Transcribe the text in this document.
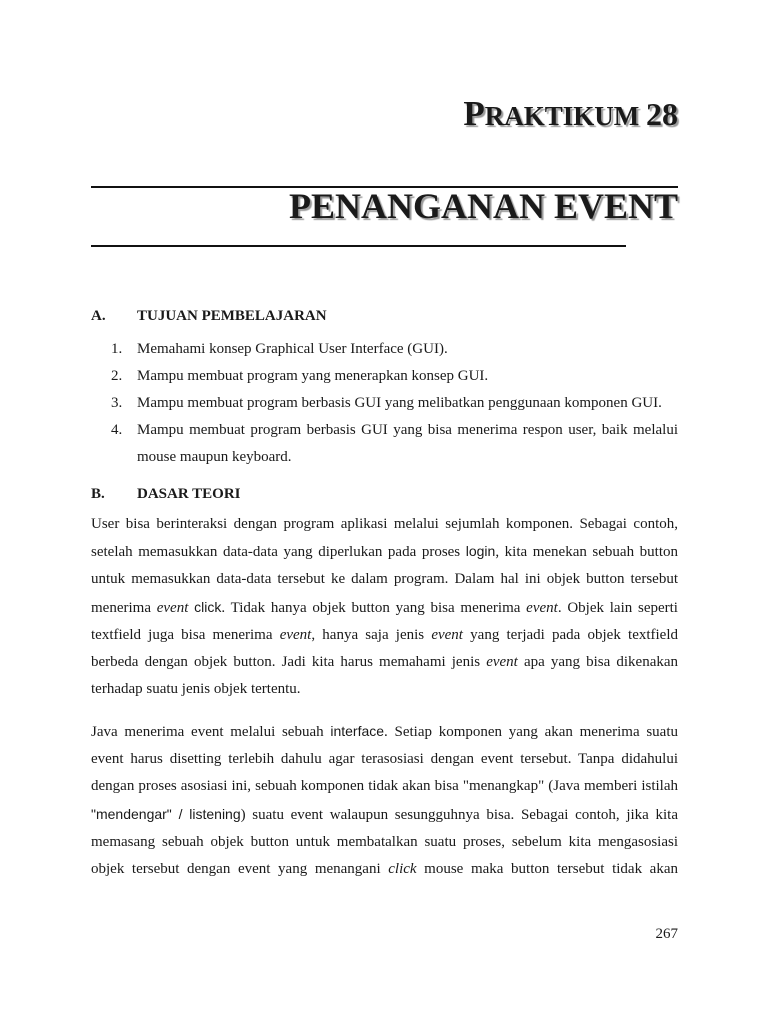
PRAKTIKUM 28
PENANGANAN EVENT
A. TUJUAN PEMBELAJARAN
1. Memahami konsep Graphical User Interface (GUI).
2. Mampu membuat program yang menerapkan konsep GUI.
3. Mampu membuat program berbasis GUI yang melibatkan penggunaan komponen GUI.
4. Mampu membuat program berbasis GUI yang bisa menerima respon user, baik melalui
mouse maupun keyboard.
B. DASAR TEORI
User bisa berinteraksi dengan program aplikasi melalui sejumlah komponen. Sebagai contoh,
setelah memasukkan data-data yang diperlukan pada proses login, kita menekan sebuah button
untuk memasukkan data-data tersebut ke dalam program. Dalam hal ini objek button tersebut
menerima event click. Tidak hanya objek button yang bisa menerima event. Objek lain seperti
textfield juga bisa menerima event, hanya saja jenis event yang terjadi pada objek textfield
berbeda dengan objek button. Jadi kita harus memahami jenis event apa yang bisa dikenakan
terhadap suatu jenis objek tertentu.
Java menerima event melalui sebuah interface. Setiap komponen yang akan menerima suatu
event harus disetting terlebih dahulu agar terasosiasi dengan event tersebut. Tanpa didahului
dengan proses asosiasi ini, sebuah komponen tidak akan bisa "menangkap" (Java memberi istilah
"mendengar" / listening) suatu event walaupun sesungguhnya bisa. Sebagai contoh, jika kita
memasang sebuah objek button untuk membatalkan suatu proses, sebelum kita mengasosiasi
objek tersebut dengan event yang menangani click mouse maka button tersebut tidak akan
267
